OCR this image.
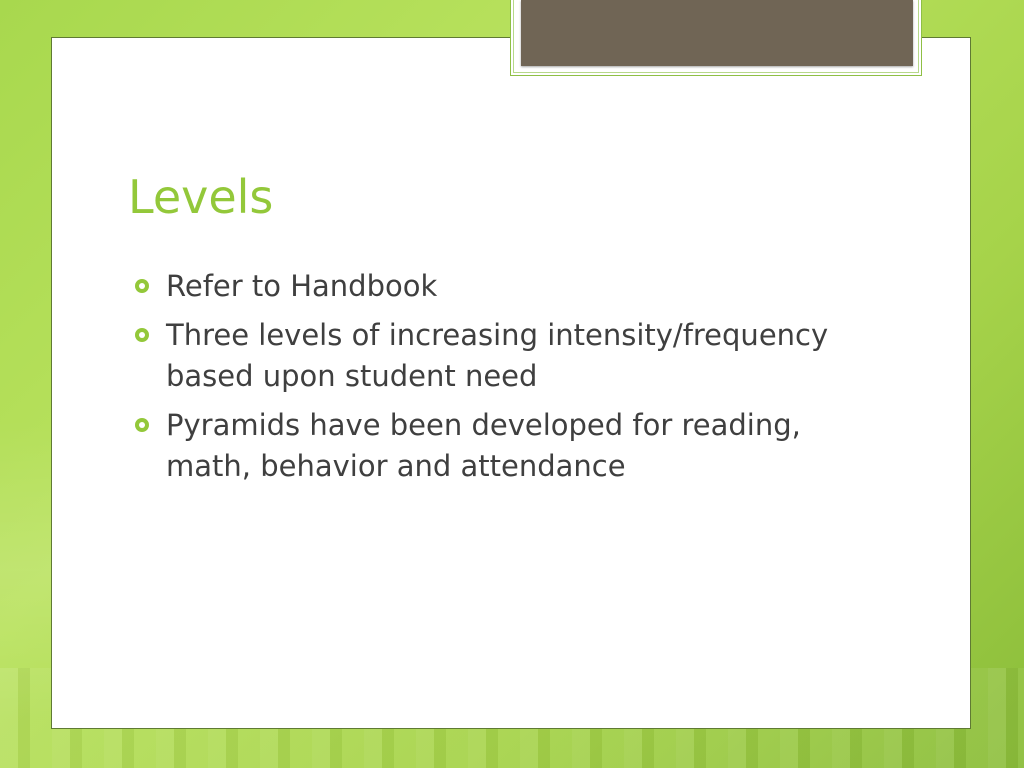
Levels
Refer to Handbook
Three levels of increasing intensity/frequency based upon student need
Pyramids have been developed for reading, math, behavior and attendance
